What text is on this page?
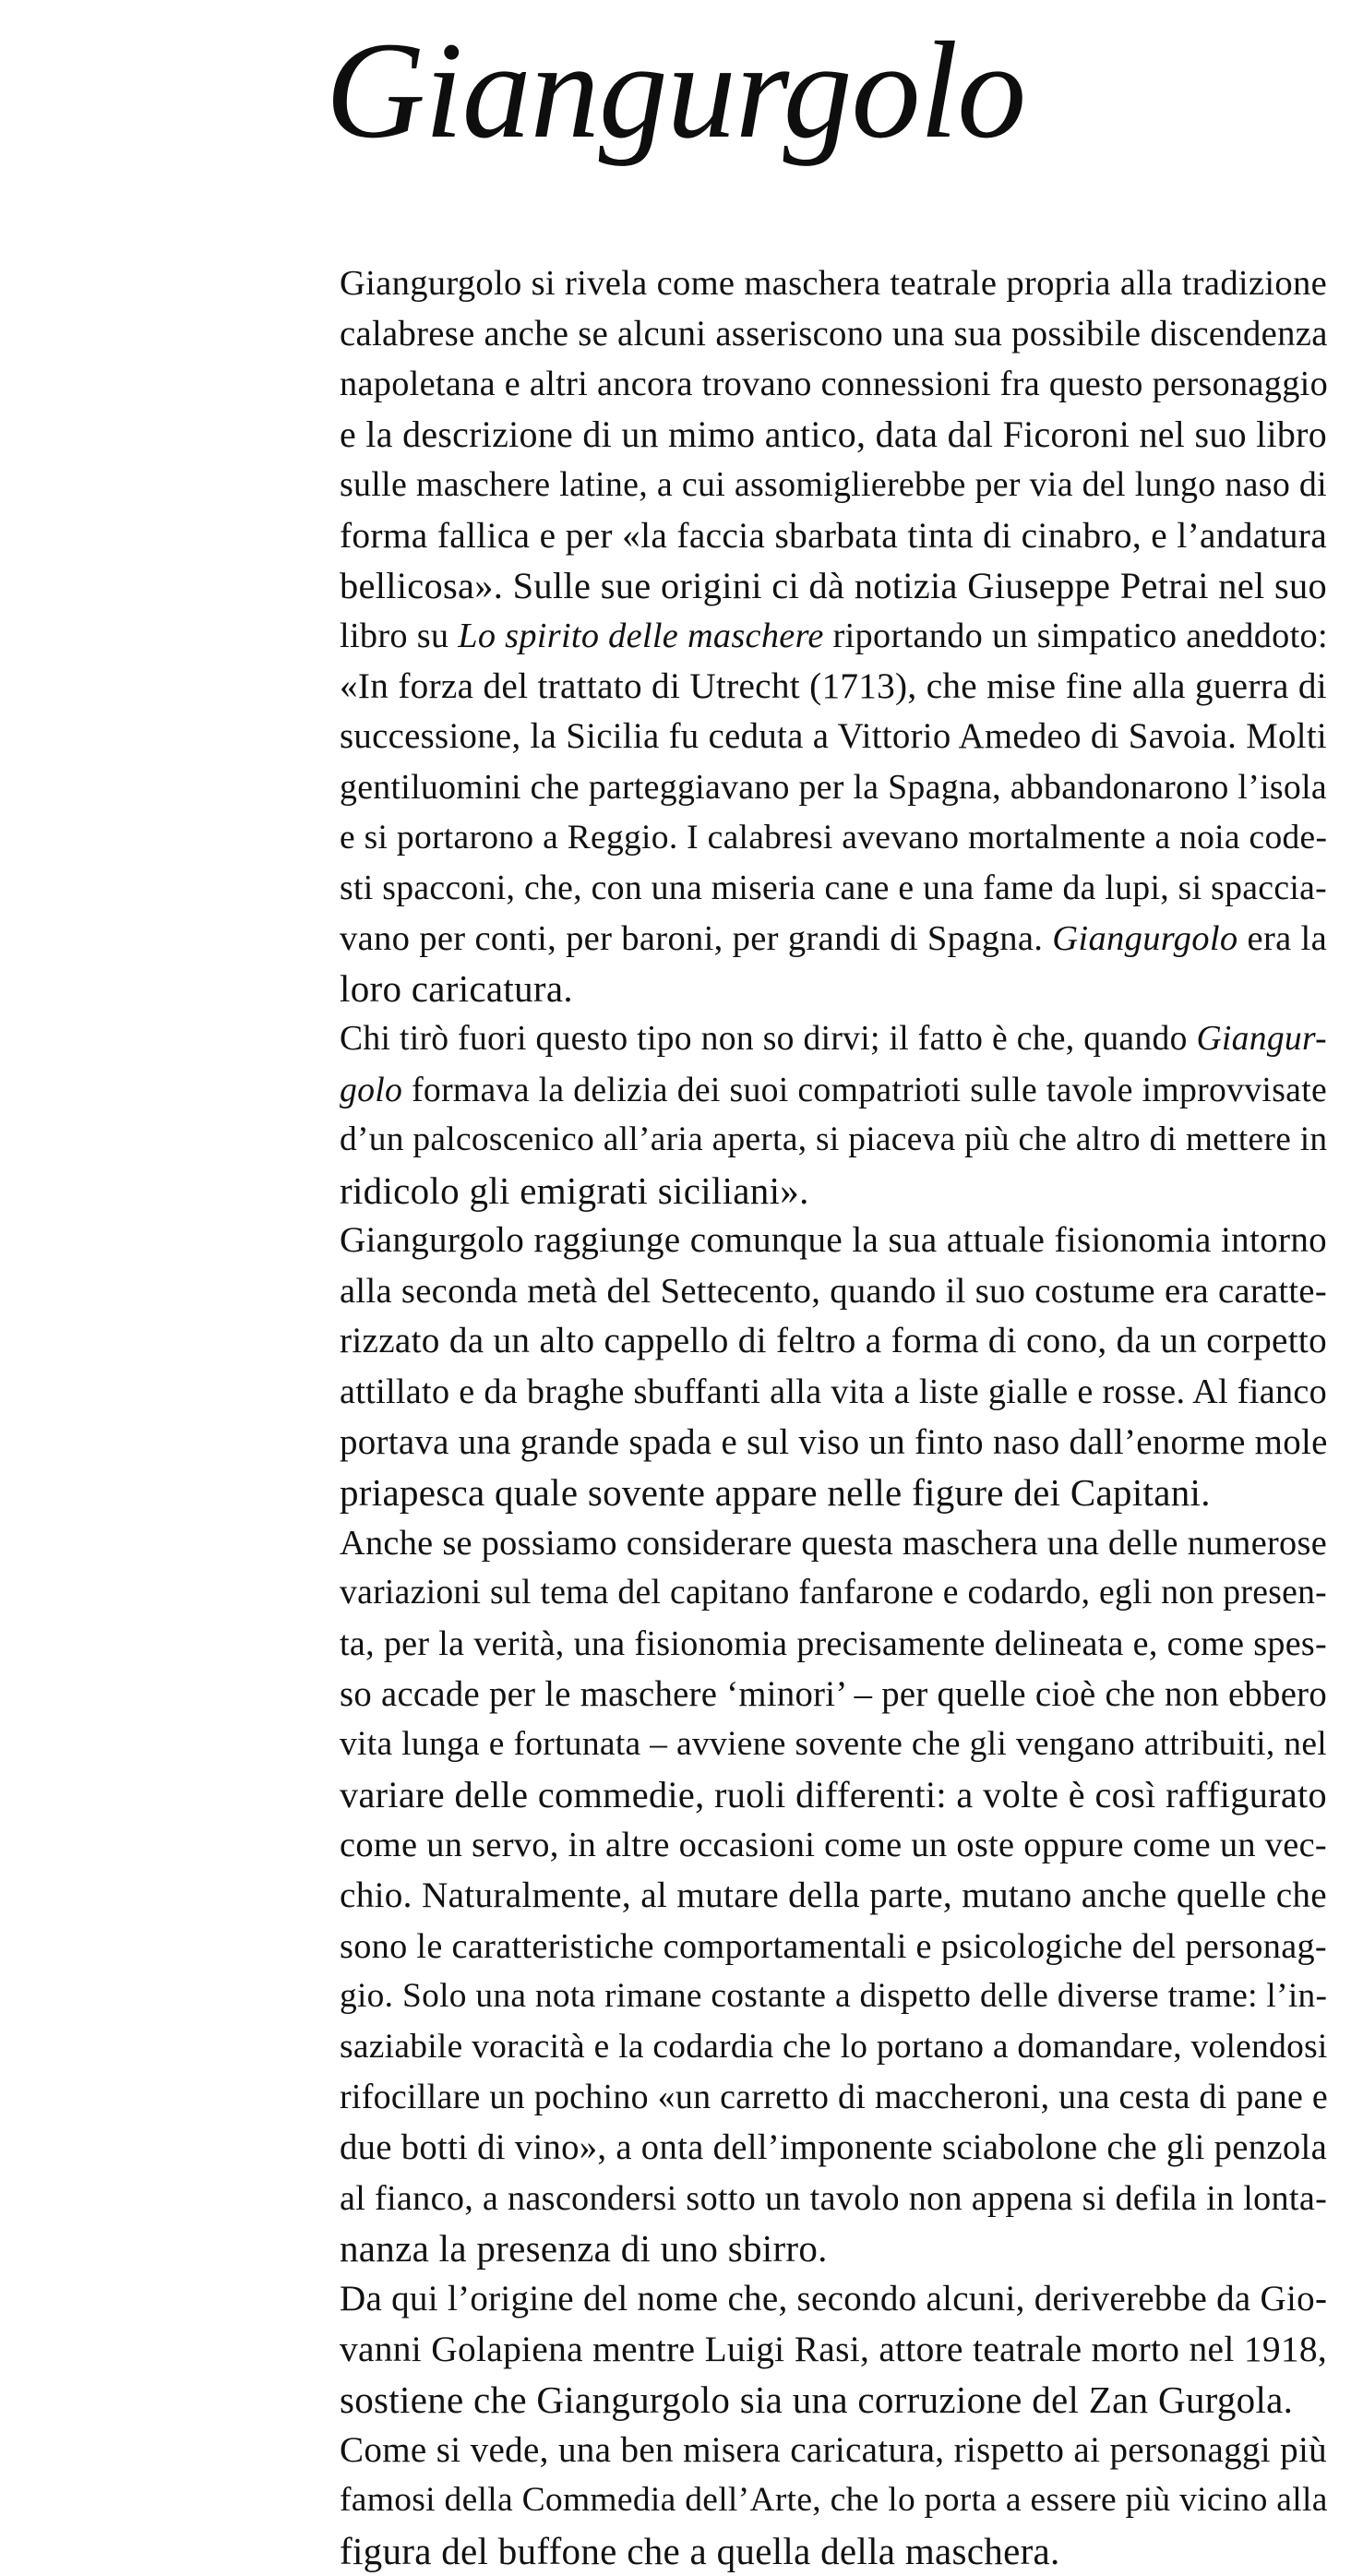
Giangurgolo
Giangurgolo si rivela come maschera teatrale propria alla tradizione
calabrese anche se alcuni asseriscono una sua possibile discendenza
napoletana e altri ancora trovano connessioni fra questo personaggio
e la descrizione di un mimo antico, data dal Ficoroni nel suo libro
sulle maschere latine, a cui assomiglierebbe per via del lungo naso di
forma fallica e per «la faccia sbarbata tinta di cinabro, e l’andatura
bellicosa». Sulle sue origini ci dà notizia Giuseppe Petrai nel suo
libro su Lo spirito delle maschere riportando un simpatico aneddoto:
«In forza del trattato di Utrecht (1713), che mise fine alla guerra di
successione, la Sicilia fu ceduta a Vittorio Amedeo di Savoia. Molti
gentiluomini che parteggiavano per la Spagna, abbandonarono l’isola
e si portarono a Reggio. I calabresi avevano mortalmente a noia code-
sti spacconi, che, con una miseria cane e una fame da lupi, si spaccia-
vano per conti, per baroni, per grandi di Spagna. Giangurgolo era la
loro caricatura.
Chi tirò fuori questo tipo non so dirvi; il fatto è che, quando Giangur-
golo formava la delizia dei suoi compatrioti sulle tavole improvvisate
d’un palcoscenico all’aria aperta, si piaceva più che altro di mettere in
ridicolo gli emigrati siciliani».
Giangurgolo raggiunge comunque la sua attuale fisionomia intorno
alla seconda metà del Settecento, quando il suo costume era caratte-
rizzato da un alto cappello di feltro a forma di cono, da un corpetto
attillato e da braghe sbuffanti alla vita a liste gialle e rosse. Al fianco
portava una grande spada e sul viso un finto naso dall’enorme mole
priapesca quale sovente appare nelle figure dei Capitani.
Anche se possiamo considerare questa maschera una delle numerose
variazioni sul tema del capitano fanfarone e codardo, egli non presen-
ta, per la verità, una fisionomia precisamente delineata e, come spes-
so accade per le maschere ‘minori’ – per quelle cioè che non ebbero
vita lunga e fortunata – avviene sovente che gli vengano attribuiti, nel
variare delle commedie, ruoli differenti: a volte è così raffigurato
come un servo, in altre occasioni come un oste oppure come un vec-
chio. Naturalmente, al mutare della parte, mutano anche quelle che
sono le caratteristiche comportamentali e psicologiche del personag-
gio. Solo una nota rimane costante a dispetto delle diverse trame: l’in-
saziabile voracità e la codardia che lo portano a domandare, volendosi
rifocillare un pochino «un carretto di maccheroni, una cesta di pane e
due botti di vino», a onta dell’imponente sciabolone che gli penzola
al fianco, a nascondersi sotto un tavolo non appena si defila in lonta-
nanza la presenza di uno sbirro.
Da qui l’origine del nome che, secondo alcuni, deriverebbe da Gio-
vanni Golapiena mentre Luigi Rasi, attore teatrale morto nel 1918,
sostiene che Giangurgolo sia una corruzione del Zan Gurgola.
Come si vede, una ben misera caricatura, rispetto ai personaggi più
famosi della Commedia dell’Arte, che lo porta a essere più vicino alla
figura del buffone che a quella della maschera.
